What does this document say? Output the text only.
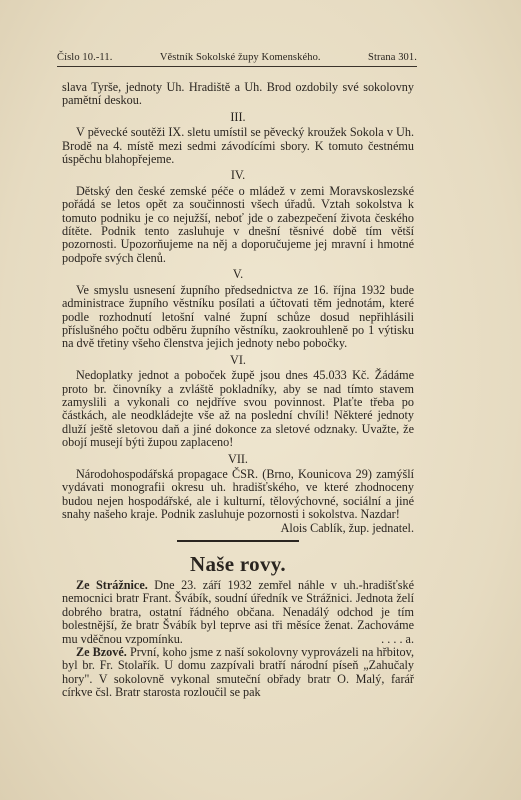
Číslo 10.-11.	Věstník Sokolské župy Komenského.	Strana 301.

slava Tyrše, jednoty Uh. Hradiště a Uh. Brod ozdobily své sokolovny pamětní deskou.

III.

V pěvecké soutěži IX. sletu umístil se pěvecký kroužek Sokola v Uh. Brodě na 4. místě mezi sedmi závodícími sbory. K tomuto čestnému úspěchu blahopřejeme.

IV.

Dětský den české zemské péče o mládež v zemi Moravskoslezské pořádá se letos opět za součinnosti všech úřadů. Vztah sokolstva k tomuto podniku je co nejužší, neboť jde o zabezpečení života českého dítěte. Podnik tento zasluhuje v dnešní těsnivé době tím větší pozornosti. Upozorňujeme na něj a doporučujeme jej mravní i hmotné podpoře svých členů.

V.

Ve smyslu usnesení župního předsednictva ze 16. října 1932 bude administrace župního věstníku posílati a účtovati těm jednotám, které podle rozhodnutí letošní valné župní schůze dosud nepřihlásili příslušného počtu odběru župního věstníku, zaokrouhleně po 1 výtisku na dvě třetiny všeho členstva jejich jednoty nebo pobočky.

VI.

Nedoplatky jednot a poboček župě jsou dnes 45.033 Kč. Žádáme proto br. činovníky a zvláště pokladníky, aby se nad tímto stavem zamyslili a vykonali co nejdříve svou povinnost. Plaťte třeba po částkách, ale neodkládejte vše až na poslední chvíli! Některé jednoty dluží ještě sletovou daň a jiné dokonce za sletové odznaky. Uvažte, že obojí musejí býti župou zaplaceno!

VII.

Národohospodářská propagace ČSR. (Brno, Kounicova 29) zamýšlí vydávati monografii okresu uh. hradišťského, ve které zhodnoceny budou nejen hospodářské, ale i kulturní, tělovýchovné, sociální a jiné snahy našeho kraje. Podnik zasluhuje pozornosti i sokolstva. Nazdar!
Alois Cablík, žup. jednatel.

Naše rovy.

Ze Strážnice. Dne 23. září 1932 zemřel náhle v uh.-hradišťské nemocnici bratr Frant. Švábík, soudní úředník ve Strážnici. Jednota želí dobrého bratra, ostatní řádného občana. Nenadálý odchod je tím bolestnější, že bratr Švábík byl teprve asi tři měsíce ženat. Zachováme mu vděčnou vzpomínku.	. . . . a.

Ze Bzové. První, koho jsme z naší sokolovny vyprovázeli na hřbitov, byl br. Fr. Stolařík. U domu zazpívali bratří národní píseň „Zahučaly hory". V sokolovně vykonal smuteční obřady bratr O. Malý, farář církve čsl. Bratr starosta rozloučil se pak
